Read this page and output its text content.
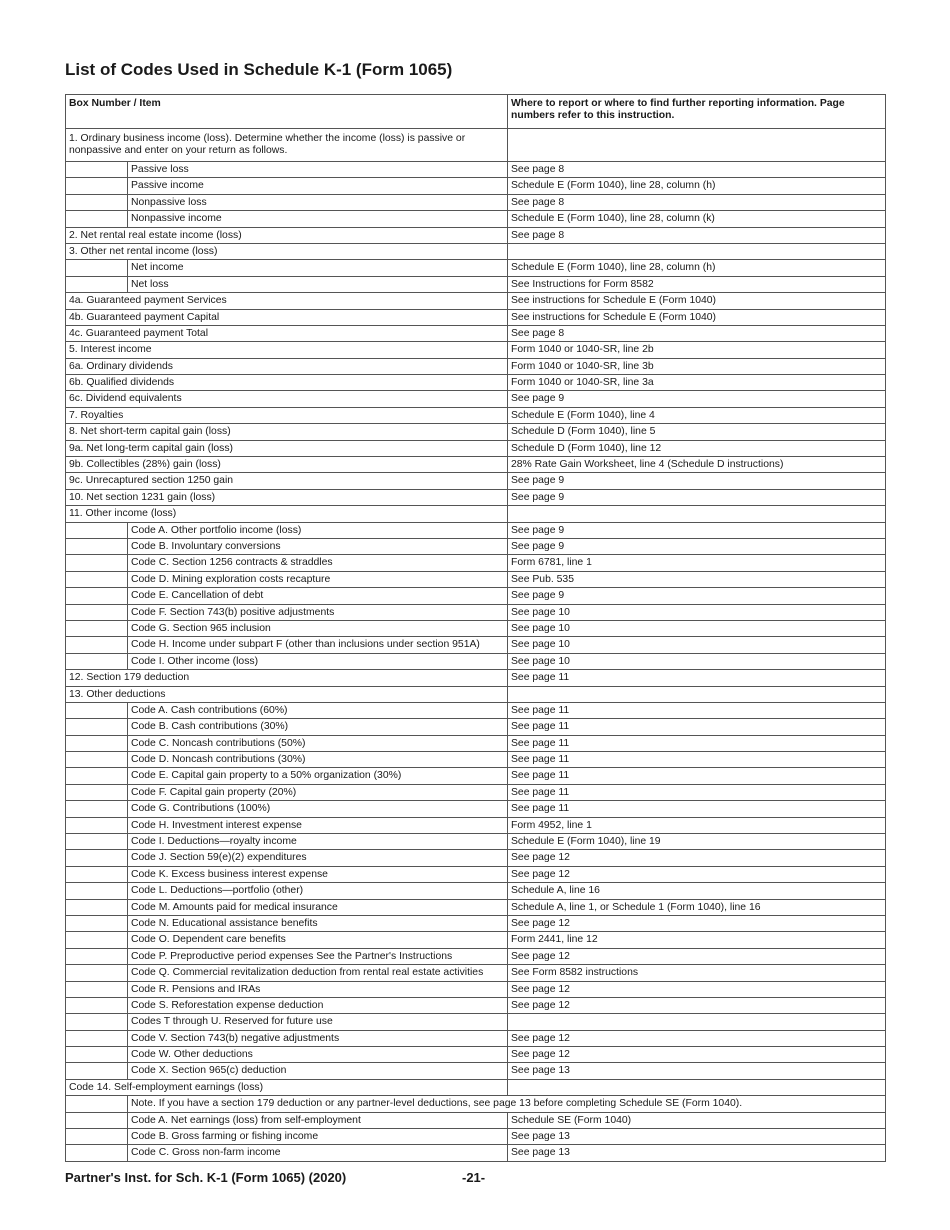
List of Codes Used in Schedule K-1 (Form 1065)
Box Number / Item		Where to report or where to find further reporting information. Page numbers refer to this instruction.
1. Ordinary business income (loss). Determine whether the income (loss) is passive or nonpassive and enter on your return as follows.		
	Passive loss	See page 8
	Passive income	Schedule E (Form 1040), line 28, column (h)
	Nonpassive loss	See page 8
	Nonpassive income	Schedule E (Form 1040), line 28, column (k)
2. Net rental real estate income (loss)		See page 8
3. Other net rental income (loss)		
	Net income	Schedule E (Form 1040), line 28, column (h)
	Net loss	See Instructions for Form 8582
4a. Guaranteed payment Services		See instructions for Schedule E (Form 1040)
4b. Guaranteed payment Capital		See instructions for Schedule E (Form 1040)
4c. Guaranteed payment Total		See page 8
5. Interest income		Form 1040 or 1040-SR, line 2b
6a. Ordinary dividends		Form 1040 or 1040-SR, line 3b
6b. Qualified dividends		Form 1040 or 1040-SR, line 3a
6c. Dividend equivalents		See page 9
7. Royalties		Schedule E (Form 1040), line 4
8. Net short-term capital gain (loss)		Schedule D (Form 1040), line 5
9a. Net long-term capital gain (loss)		Schedule D (Form 1040), line 12
9b. Collectibles (28%) gain (loss)		28% Rate Gain Worksheet, line 4 (Schedule D instructions)
9c. Unrecaptured section 1250 gain		See page 9
10. Net section 1231 gain (loss)		See page 9
11. Other income (loss)		
	Code A. Other portfolio income (loss)	See page 9
	Code B. Involuntary conversions	See page 9
	Code C. Section 1256 contracts & straddles	Form 6781, line 1
	Code D. Mining exploration costs recapture	See Pub. 535
	Code E. Cancellation of debt	See page 9
	Code F. Section 743(b) positive adjustments	See page 10
	Code G. Section 965 inclusion	See page 10
	Code H. Income under subpart F (other than inclusions under section 951A)	See page 10
	Code I. Other income (loss)	See page 10
12. Section 179 deduction		See page 11
13. Other deductions		
	Code A. Cash contributions (60%)	See page 11
	Code B. Cash contributions (30%)	See page 11
	Code C. Noncash contributions (50%)	See page 11
	Code D. Noncash contributions (30%)	See page 11
	Code E. Capital gain property to a 50% organization (30%)	See page 11
	Code F. Capital gain property (20%)	See page 11
	Code G. Contributions (100%)	See page 11
	Code H. Investment interest expense	Form 4952, line 1
	Code I. Deductions—royalty income	Schedule E (Form 1040), line 19
	Code J. Section 59(e)(2) expenditures	See page 12
	Code K. Excess business interest expense	See page 12
	Code L. Deductions—portfolio (other)	Schedule A, line 16
	Code M. Amounts paid for medical insurance	Schedule A, line 1, or Schedule 1 (Form 1040), line 16
	Code N. Educational assistance benefits	See page 12
	Code O. Dependent care benefits	Form 2441, line 12
	Code P. Preproductive period expenses See the Partner's Instructions	See page 12
	Code Q. Commercial revitalization deduction from rental real estate activities	See Form 8582 instructions
	Code R. Pensions and IRAs	See page 12
	Code S. Reforestation expense deduction	See page 12
	Codes T through U. Reserved for future use	
	Code V. Section 743(b) negative adjustments	See page 12
	Code W. Other deductions	See page 12
	Code X. Section 965(c) deduction	See page 13
Code 14. Self-employment earnings (loss)		
	Note. If you have a section 179 deduction or any partner-level deductions, see page 13 before completing Schedule SE (Form 1040).	
	Code A. Net earnings (loss) from self-employment	Schedule SE (Form 1040)
	Code B. Gross farming or fishing income	See page 13
	Code C. Gross non-farm income	See page 13
Partner's Inst. for Sch. K-1 (Form 1065) (2020)	-21-
